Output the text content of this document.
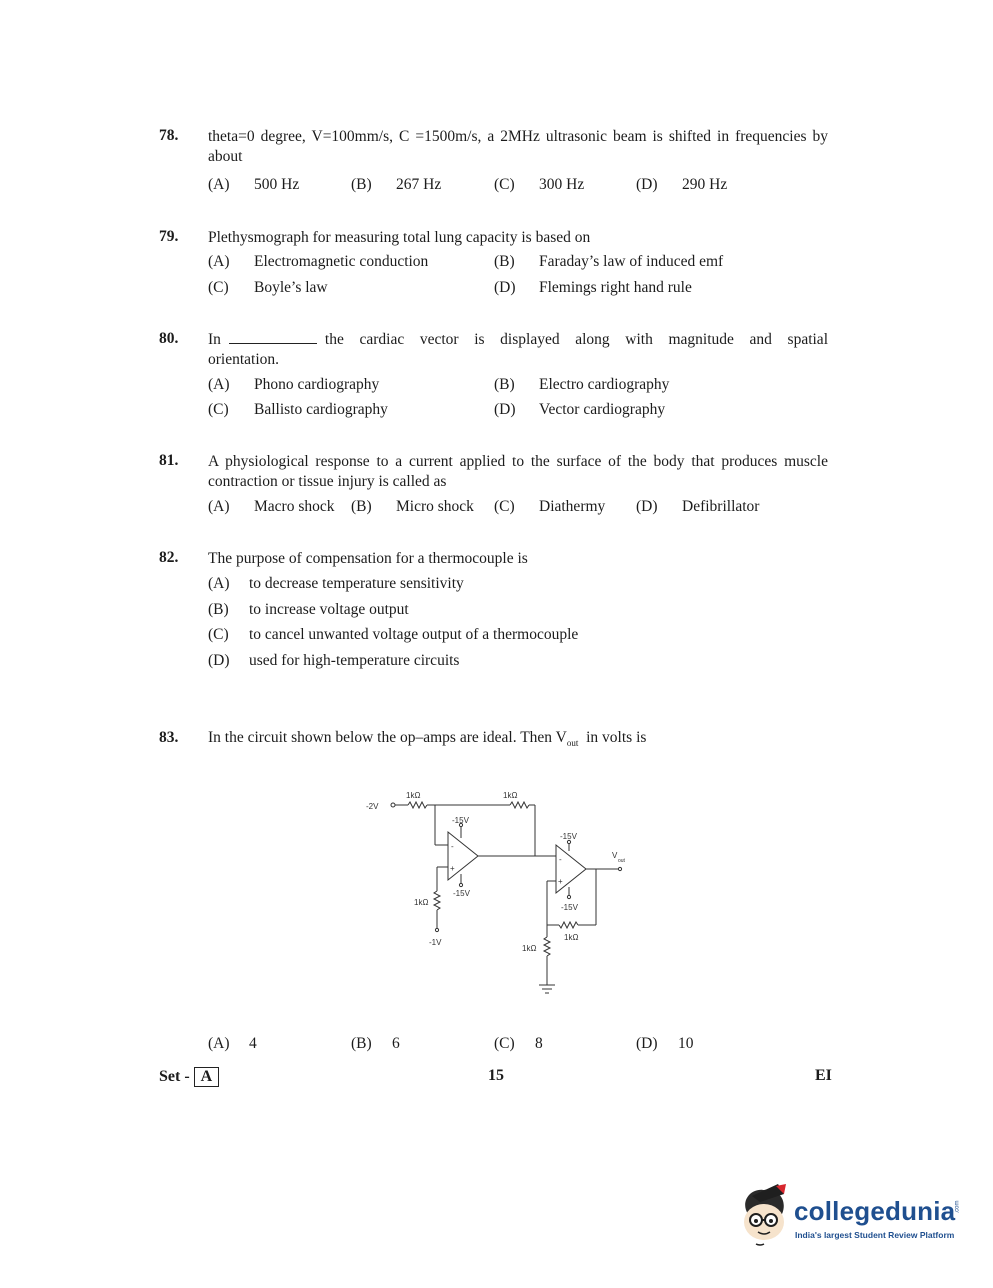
78. theta=0 degree, V=100mm/s, C =1500m/s, a 2MHz ultrasonic beam is shifted in frequencies by about
(A) 500 Hz	(B) 267 Hz	(C) 300 Hz	(D) 290 Hz
79. Plethysmograph for measuring total lung capacity is based on
(A) Electromagnetic conduction	(B) Faraday’s law of induced emf
(C) Boyle’s law	(D) Flemings right hand rule
80. In	the cardiac vector is displayed along with magnitude and spatial
orientation.
(A) Phono cardiography	(B) Electro cardiography
(C) Ballisto cardiography	(D) Vector cardiography
81. A physiological response to a current applied to the surface of the body that produces muscle contraction or tissue injury is called as
(A) Macro shock (B) Micro shock (C) Diathermy (D) Defibrillator
82. The purpose of compensation for a thermocouple is
(A) to decrease temperature sensitivity
(B) to increase voltage output
(C) to cancel unwanted voltage output of a thermocouple
(D) used for high-temperature circuits
83. In the circuit shown below the op–amps are ideal. Then $V_{out}$ in volts is
-
+
-
+
-2V
1kΩ	1kΩ
-15V
-15V
1kΩ
-1V
-15V
-15V
1kΩ
1kΩ
V
out
(A) 4	(B) 6	(C) 8	(D) 10
Set - A	15	EI
collegedunia .com
India's largest Student Review Platform
